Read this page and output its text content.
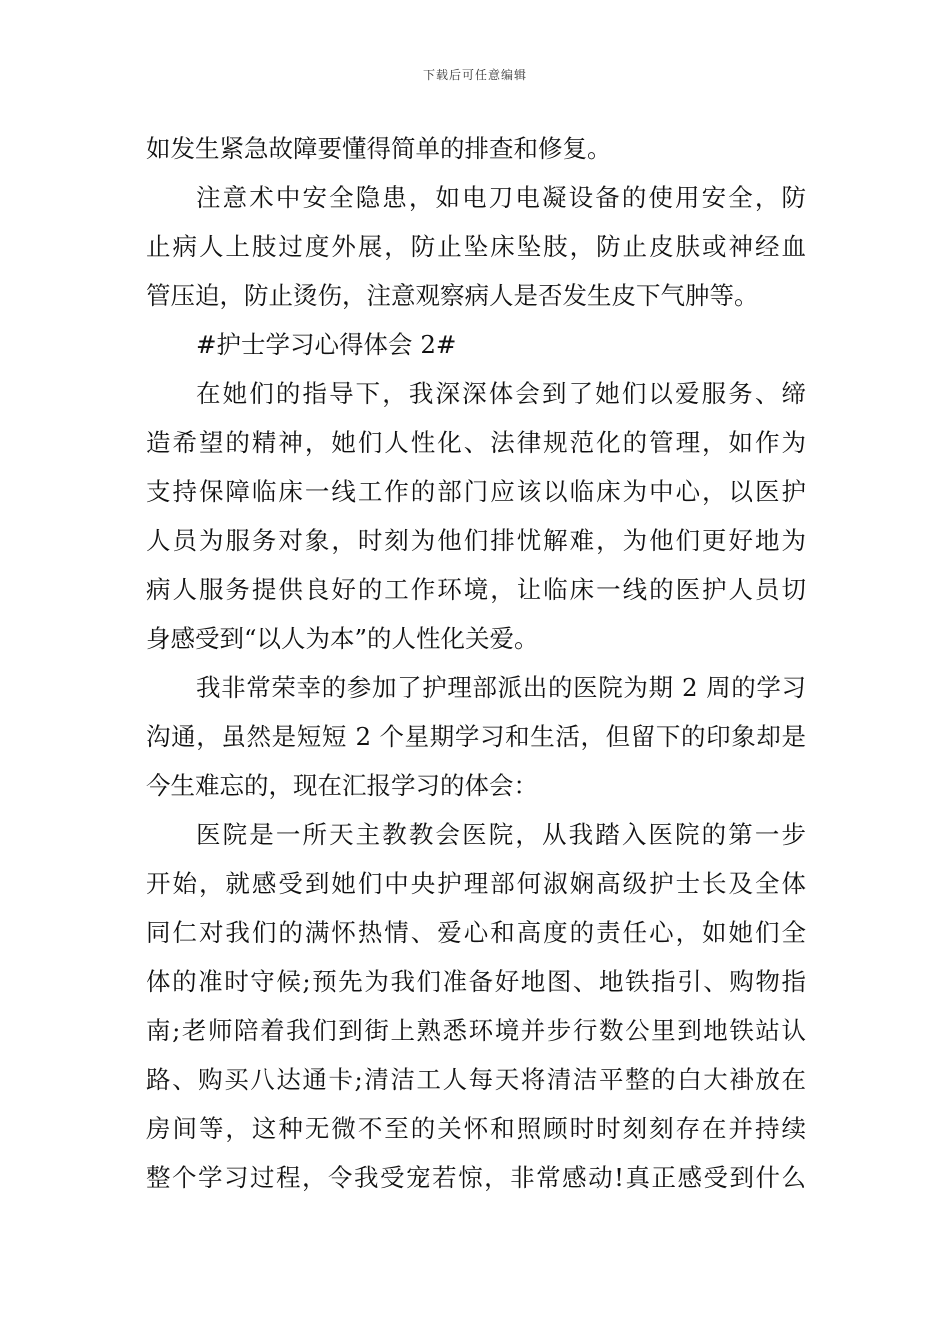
下载后可任意编辑
如发生紧急故障要懂得简单的排查和修复。
注意术中安全隐患，如电刀电凝设备的使用安全，防
止病人上肢过度外展，防止坠床坠肢，防止皮肤或神经血
管压迫，防止烫伤，注意观察病人是否发生皮下气肿等。
#护士学习心得体会 2#
在她们的指导下，我深深体会到了她们以爱服务、缔
造希望的精神，她们人性化、法律规范化的管理，如作为
支持保障临床一线工作的部门应该以临床为中心，以医护
人员为服务对象，时刻为他们排忧解难，为他们更好地为
病人服务提供良好的工作环境，让临床一线的医护人员切
身感受到“以人为本”的人性化关爱。
我非常荣幸的参加了护理部派出的医院为期 2 周的学习
沟通，虽然是短短 2 个星期学习和生活，但留下的印象却是
今生难忘的，现在汇报学习的体会：
医院是一所天主教教会医院，从我踏入医院的第一步
开始，就感受到她们中央护理部何淑娴高级护士长及全体
同仁对我们的满怀热情、爱心和高度的责任心，如她们全
体的准时守候;预先为我们准备好地图、地铁指引、购物指
南;老师陪着我们到街上熟悉环境并步行数公里到地铁站认
路、购买八达通卡;清洁工人每天将清洁平整的白大褂放在
房间等，这种无微不至的关怀和照顾时时刻刻存在并持续
整个学习过程，令我受宠若惊，非常感动!真正感受到什么
